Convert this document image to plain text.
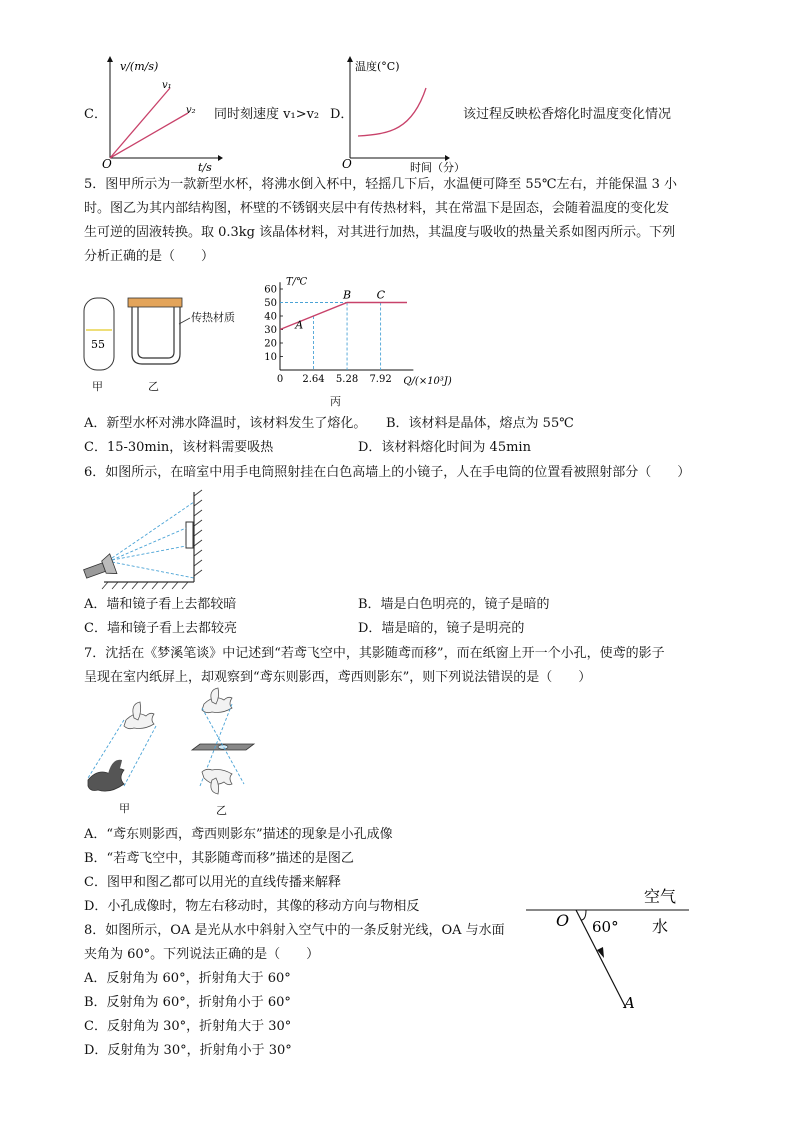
C．
v/(m/s)
t/s
O
v₁
v₂ 同时刻速度 v₁>v₂ D．
温度(°C)
时间（分）
O
该过程反映松香熔化时温度变化情况
5．图甲所示为一款新型水杯，将沸水倒入杯中，轻摇几下后，水温便可降至 55℃左右，并能保温 3 小
时。图乙为其内部结构图，杯壁的不锈钢夹层中有传热材料，其在常温下是固态，会随着温度的变化发
生可逆的固液转换。取 0.3kg 该晶体材料，对其进行加热，其温度与吸收的热量关系如图丙所示。下列
分析正确的是（　　）
55
甲
传热材质
乙
10
20
30
40
50
60
0 2.64 5.28 7.92
A
B C
T/℃
Q/(×10³J)
丙
A．新型水杯对沸水降温时，该材料发生了熔化。 B．该材料是晶体，熔点为 55℃
C．15-30min，该材料需要吸热	D．该材料熔化时间为 45min
6．如图所示，在暗室中用手电筒照射挂在白色高墙上的小镜子，人在手电筒的位置看被照射部分（　　）
A．墙和镜子看上去都较暗	B．墙是白色明亮的，镜子是暗的
C．墙和镜子看上去都较亮	D．墙是暗的，镜子是明亮的
7．沈括在《梦溪笔谈》中记述到“若鸢飞空中，其影随鸢而移”，而在纸窗上开一个小孔，使鸢的影子
呈现在室内纸屏上，却观察到“鸢东则影西，鸢西则影东”，则下列说法错误的是（　　）
甲	乙
A．“鸢东则影西，鸢西则影东”描述的现象是小孔成像
B．“若鸢飞空中，其影随鸢而移”描述的是图乙
C．图甲和图乙都可以用光的直线传播来解释
D．小孔成像时，物左右移动时，其像的移动方向与物相反
8．如图所示，OA 是光从水中斜射入空气中的一条反射光线，OA 与水面
夹角为 60°。下列说法正确的是（　　）
空气
水
O 60°
A
A．反射角为 60°，折射角大于 60°
B．反射角为 60°，折射角小于 60°
C．反射角为 30°，折射角大于 30°
D．反射角为 30°，折射角小于 30°
